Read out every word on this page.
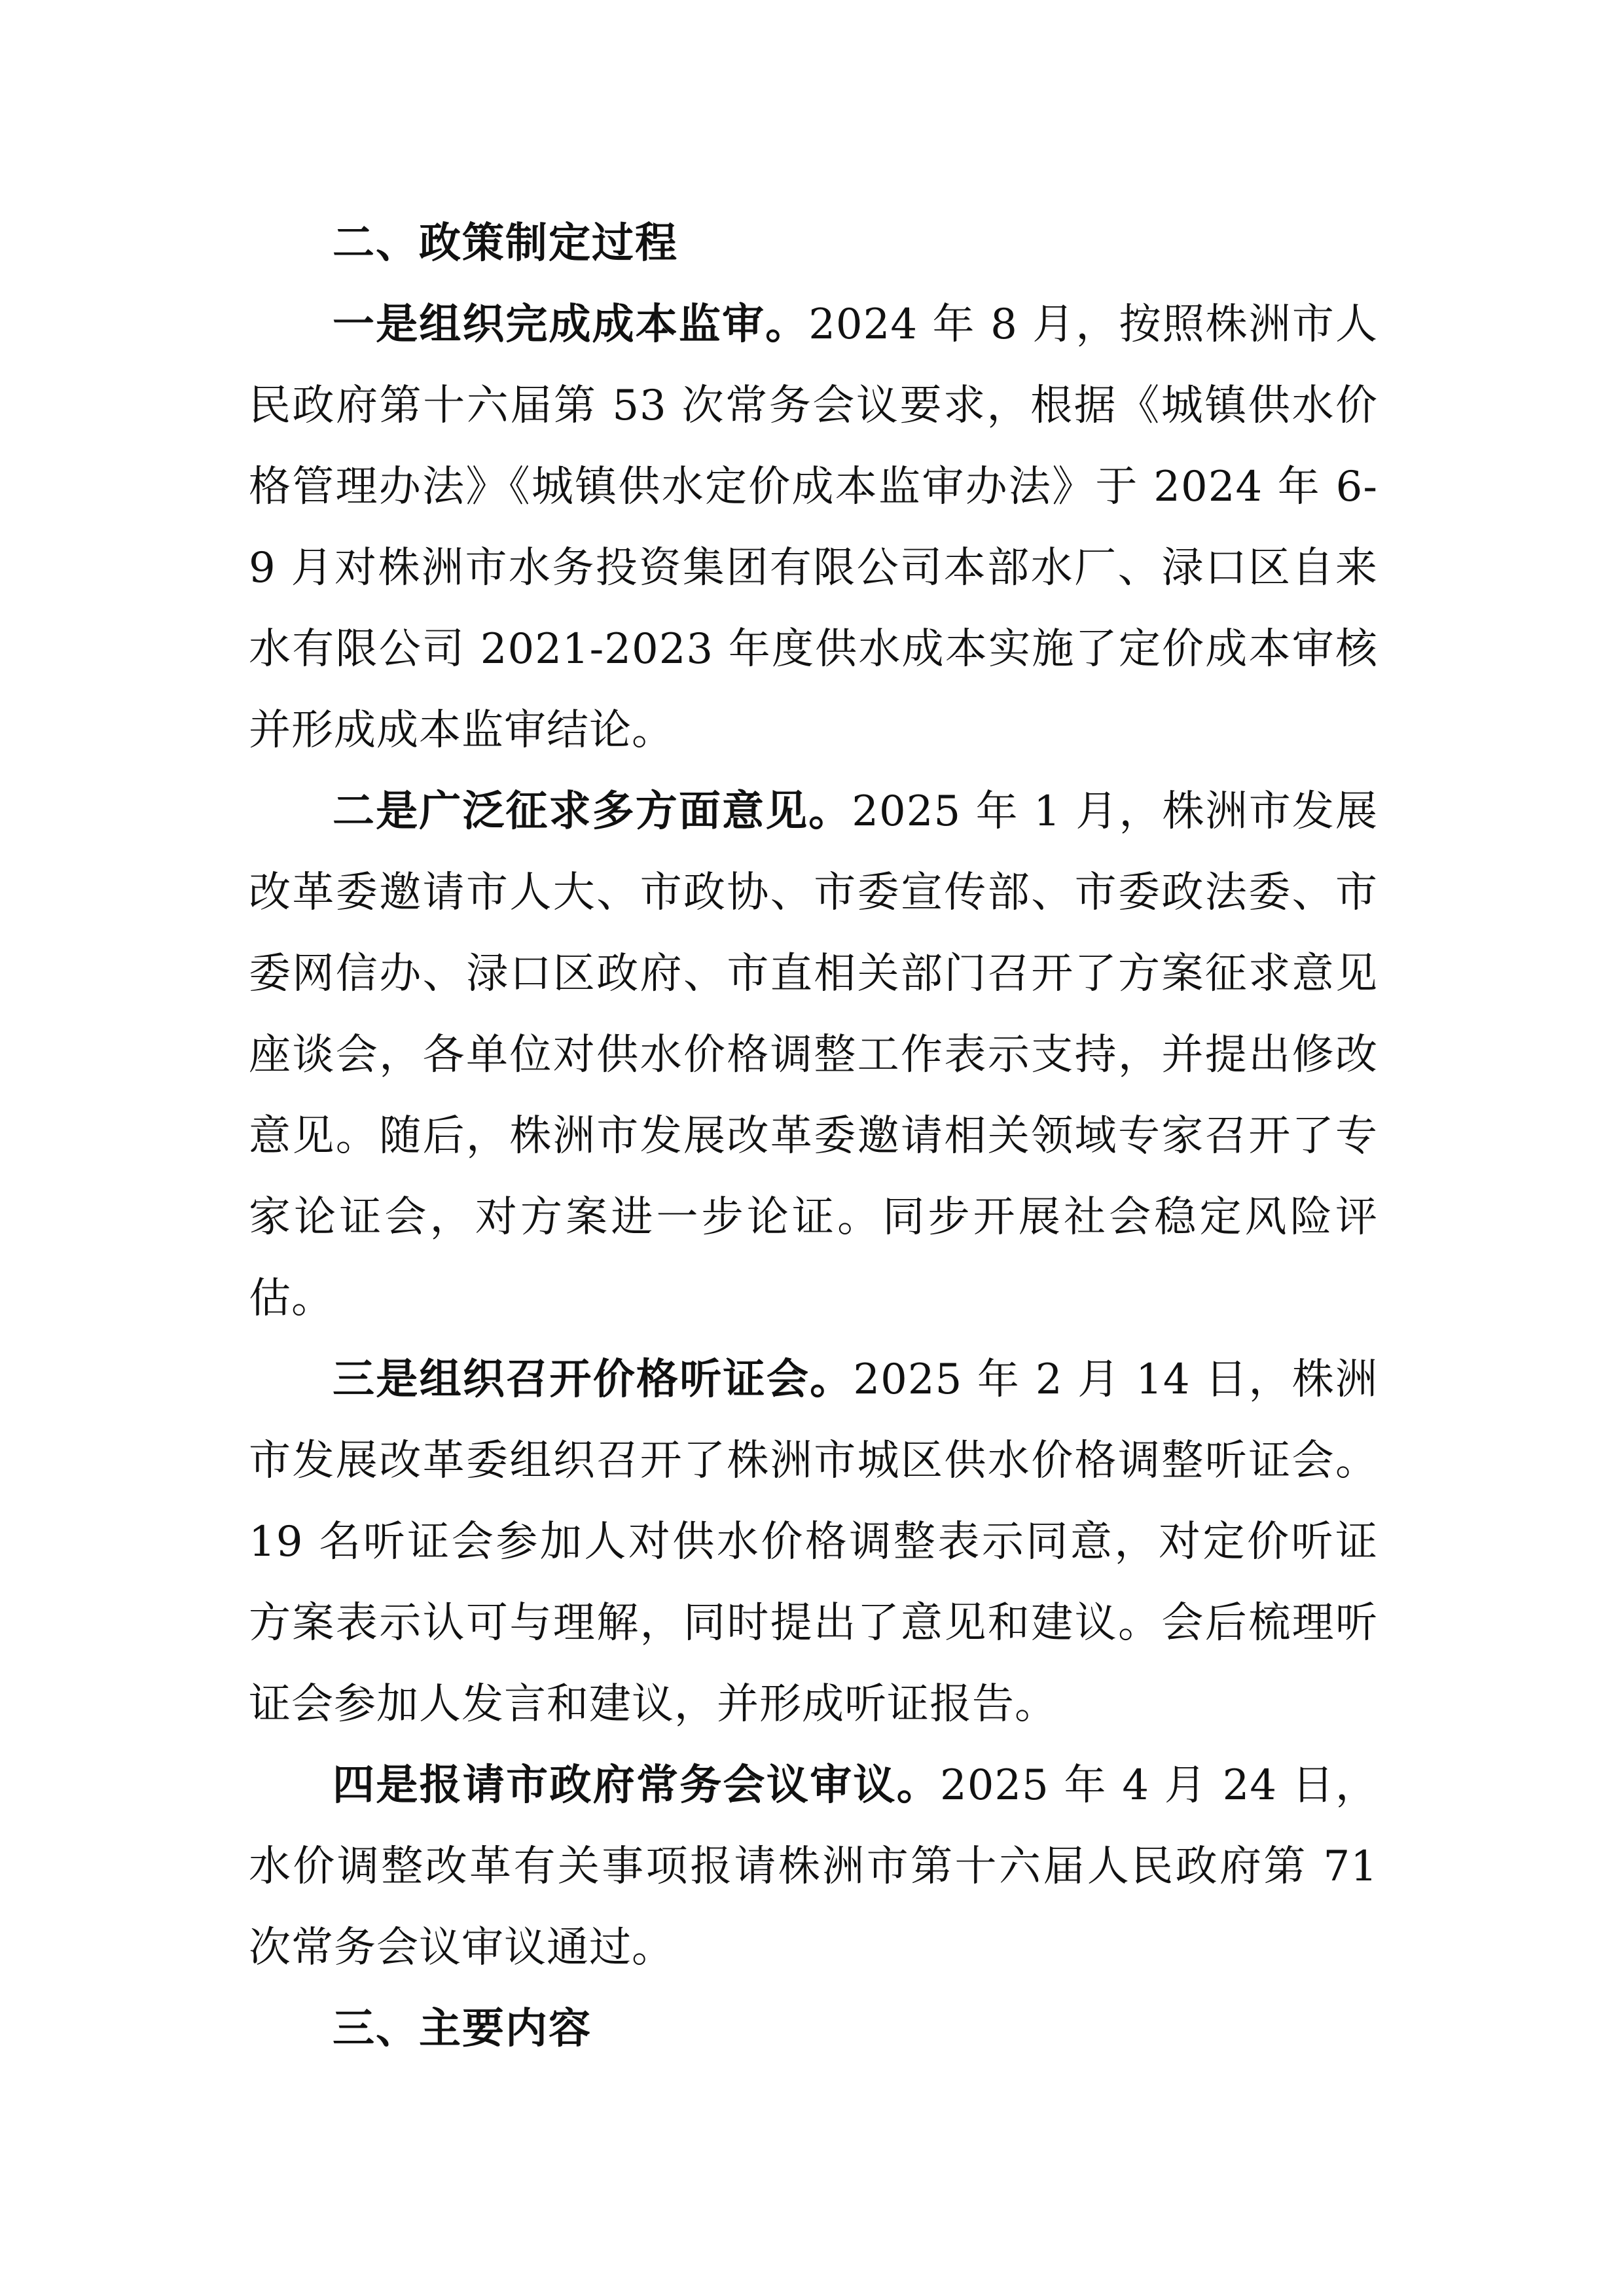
二、政策制定过程

一是组织完成成本监审。2024 年 8 月，按照株洲市人民政府第十六届第 53 次常务会议要求，根据《城镇供水价格管理办法》《城镇供水定价成本监审办法》于 2024 年 6-9 月对株洲市水务投资集团有限公司本部水厂、渌口区自来水有限公司 2021-2023 年度供水成本实施了定价成本审核并形成成本监审结论。

二是广泛征求多方面意见。2025 年 1 月，株洲市发展改革委邀请市人大、市政协、市委宣传部、市委政法委、市委网信办、渌口区政府、市直相关部门召开了方案征求意见座谈会，各单位对供水价格调整工作表示支持，并提出修改意见。随后，株洲市发展改革委邀请相关领域专家召开了专家论证会，对方案进一步论证。同步开展社会稳定风险评估。

三是组织召开价格听证会。2025 年 2 月 14 日，株洲市发展改革委组织召开了株洲市城区供水价格调整听证会。19 名听证会参加人对供水价格调整表示同意，对定价听证方案表示认可与理解，同时提出了意见和建议。会后梳理听证会参加人发言和建议，并形成听证报告。

四是报请市政府常务会议审议。2025 年 4 月 24 日，水价调整改革有关事项报请株洲市第十六届人民政府第 71 次常务会议审议通过。

三、主要内容
